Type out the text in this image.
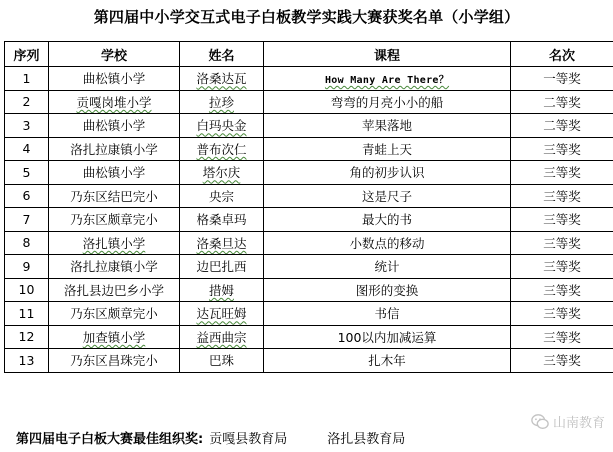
第四届中小学交互式电子白板教学实践大赛获奖名单（小学组）
序列	学校	姓名	课程	名次
1	曲松镇小学	洛桑达瓦	How Many Are There？	一等奖
2	贡嘎岗堆小学	拉珍	弯弯的月亮小小的船	二等奖
3	曲松镇小学	白玛央金	苹果落地	二等奖
4	洛扎拉康镇小学	普布次仁	青蛙上天	三等奖
5	曲松镇小学	塔尔庆	角的初步认识	三等奖
6	乃东区结巴完小	央宗	这是尺子	三等奖
7	乃东区颇章完小	格桑卓玛	最大的书	三等奖
8	洛扎镇小学	洛桑旦达	小数点的移动	三等奖
9	洛扎拉康镇小学	边巴扎西	统计	三等奖
10	洛扎县边巴乡小学	措姆	图形的变换	三等奖
11	乃东区颇章完小	达瓦旺姆	书信	三等奖
12	加查镇小学	益西曲宗	100以内加减运算	三等奖
13	乃东区昌珠完小	巴珠	扎木年	三等奖
第四届电子白板大赛最佳组织奖: 贡嘎县教育局	洛扎县教育局
山南教育
